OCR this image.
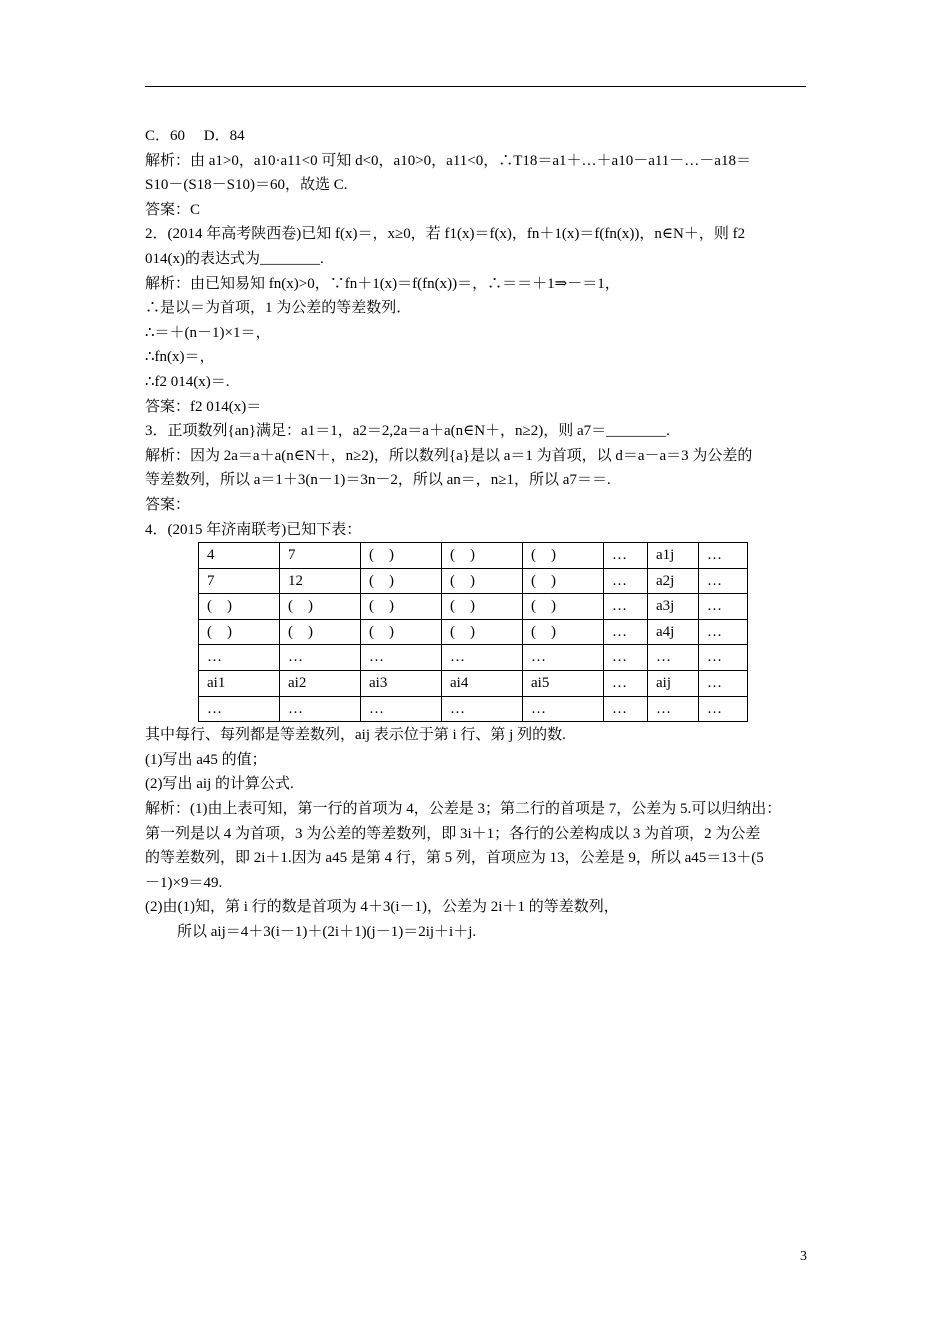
C．60　 D．84

解析：由 a1>0，a10·a11<0 可知 d<0，a10>0，a11<0，∴T18＝a1＋…＋a10－a11－…－a18＝

S10－(S18－S10)＝60，故选 C.

答案：C

2．(2014 年高考陕西卷)已知 f(x)＝，x≥0，若 f1(x)＝f(x)，fn＋1(x)＝f(fn(x))，n∈N＋，则 f2

014(x)的表达式为________.

解析：由已知易知 fn(x)>0，∵fn＋1(x)＝f(fn(x))＝，∴＝＝＋1⇒－＝1，

∴是以＝为首项，1 为公差的等差数列．

∴＝＋(n－1)×1＝，

∴fn(x)＝，

∴f2 014(x)＝.

答案：f2 014(x)＝

3．正项数列{an}满足：a1＝1，a2＝2,2a＝a＋a(n∈N＋，n≥2)，则 a7＝________.

解析：因为 2a＝a＋a(n∈N＋，n≥2)，所以数列{a}是以 a＝1 为首项，以 d＝a－a＝3 为公差的

等差数列，所以 a＝1＋3(n－1)＝3n－2，所以 an＝，n≥1，所以 a7＝＝.

答案：

4．(2015 年济南联考)已知下表：

4	7	(　)	(　)	(　)	…	a1j	…
7	12	(　)	(　)	(　)	…	a2j	…
(　)	(　)	(　)	(　)	(　)	…	a3j	…
(　)	(　)	(　)	(　)	(　)	…	a4j	…
…	…	…	…	…	…	…	…
ai1	ai2	ai3	ai4	ai5	…	aij	…
…	…	…	…	…	…	…	…

其中每行、每列都是等差数列，aij 表示位于第 i 行、第 j 列的数.

(1)写出 a45 的值；

(2)写出 aij 的计算公式.

解析：(1)由上表可知，第一行的首项为 4，公差是 3；第二行的首项是 7，公差为 5.可以归纳出：

第一列是以 4 为首项，3 为公差的等差数列，即 3i＋1；各行的公差构成以 3 为首项，2 为公差

的等差数列，即 2i＋1.因为 a45 是第 4 行，第 5 列，首项应为 13，公差是 9，所以 a45＝13＋(5

－1)×9＝49.

(2)由(1)知，第 i 行的数是首项为 4＋3(i－1)，公差为 2i＋1 的等差数列，

所以 aij＝4＋3(i－1)＋(2i＋1)(j－1)＝2ij＋i＋j.

3
